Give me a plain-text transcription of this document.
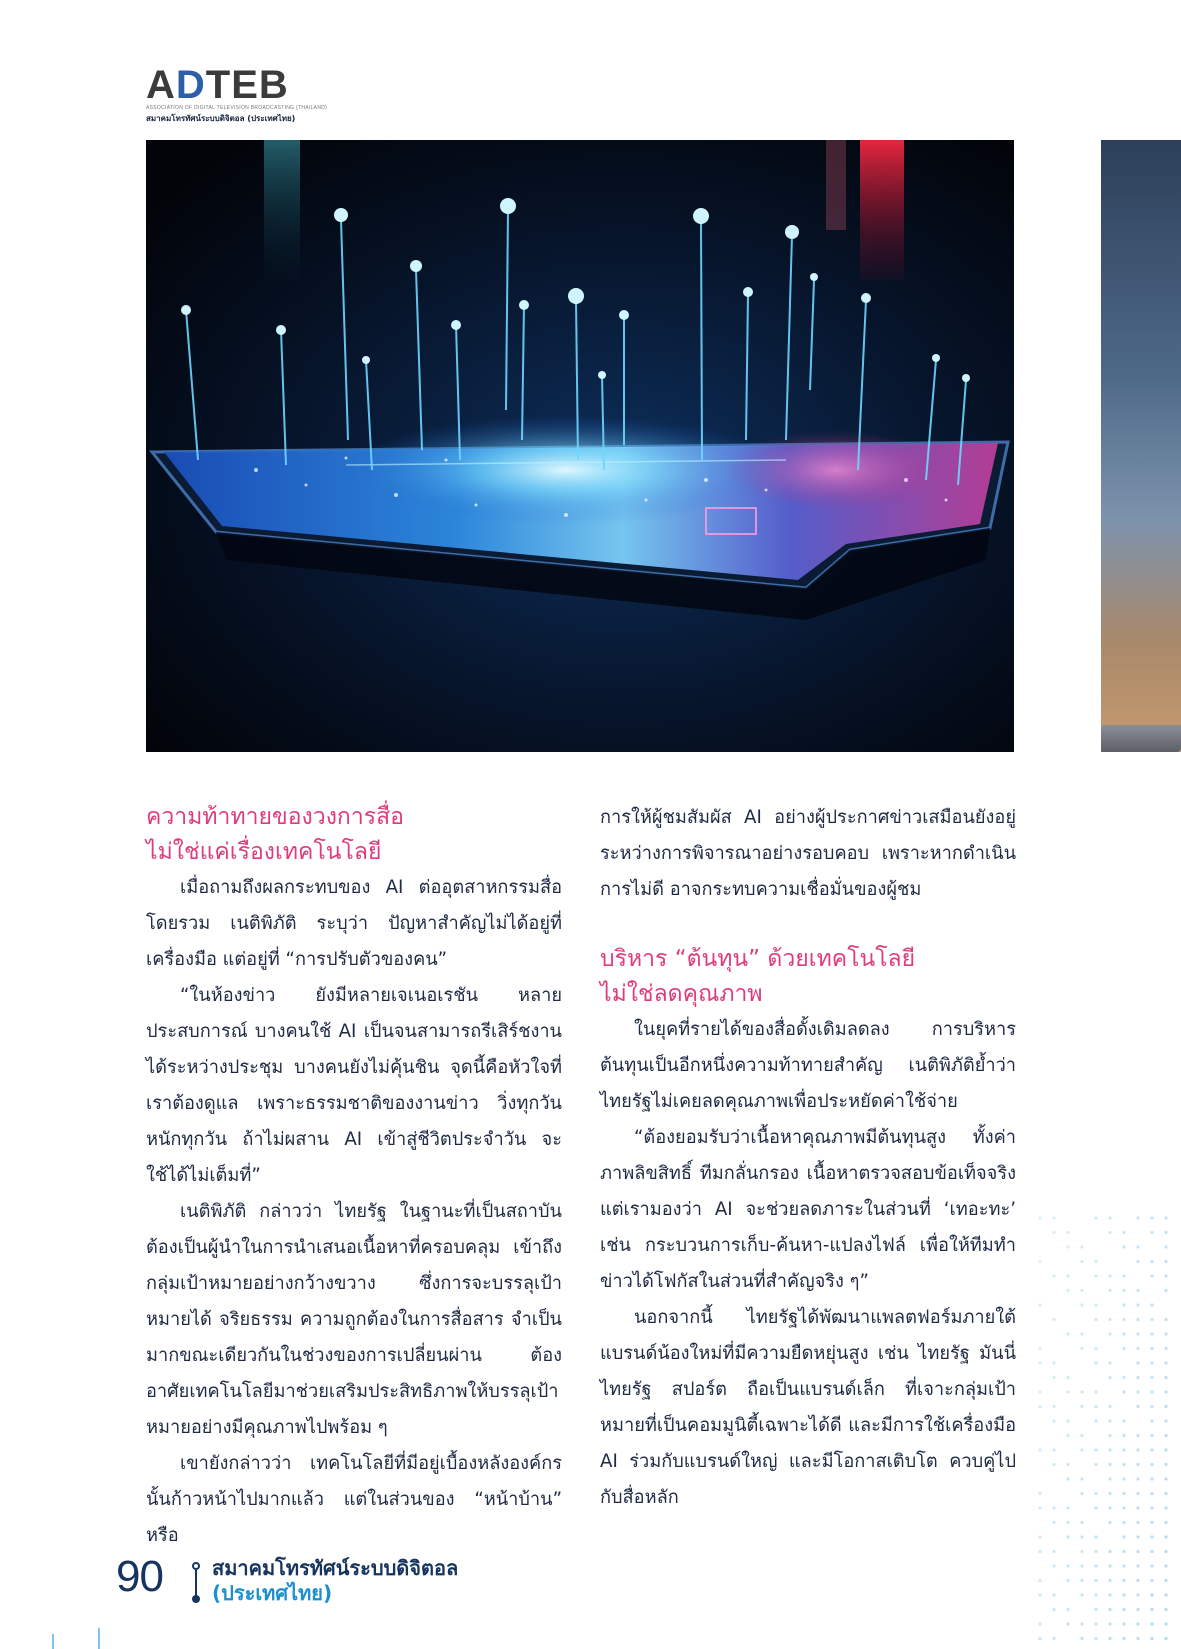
A D T E B
ASSOCIATION OF DIGITAL TELEVISION BROADCASTING (THAILAND)
สมาคมโทรทัศน์ระบบดิจิตอล (ประเทศไทย)
ความท้าทายของวงการสื่อ
ไม่ใช่แค่เรื่องเทคโนโลยี

เมื่อถามถึงผลกระทบของ AI ต่ออุตสาหกรรมสื่อโดยรวม เนติพิภัติ ระบุว่า ปัญหาสำคัญไม่ได้อยู่ที่เครื่องมือ แต่อยู่ที่ “การปรับตัวของคน”

“ในห้องข่าว ยังมีหลายเจเนอเรชัน หลายประสบการณ์ บางคนใช้ AI เป็นจนสามารถรีเสิร์ชงานได้ระหว่างประชุม บางคนยังไม่คุ้นชิน จุดนี้คือหัวใจที่เราต้องดูแล เพราะธรรมชาติของงานข่าว วิ่งทุกวัน หนักทุกวัน ถ้าไม่ผสาน AI เข้าสู่ชีวิตประจำวัน จะใช้ได้ไม่เต็มที่”

เนติพิภัติ กล่าวว่า ไทยรัฐ ในฐานะที่เป็นสถาบันต้องเป็นผู้นำในการนำเสนอเนื้อหาที่ครอบคลุม เข้าถึงกลุ่มเป้าหมายอย่างกว้างขวาง ซึ่งการจะบรรลุเป้าหมายได้ จริยธรรม ความถูกต้องในการสื่อสาร จำเป็นมากขณะเดียวกันในช่วงของการเปลี่ยนผ่าน ต้องอาศัยเทคโนโลยีมาช่วยเสริมประสิทธิภาพให้บรรลุเป้าหมายอย่างมีคุณภาพไปพร้อม ๆ

เขายังกล่าวว่า เทคโนโลยีที่มีอยู่เบื้องหลังองค์กรนั้นก้าวหน้าไปมากแล้ว แต่ในส่วนของ “หน้าบ้าน” หรือ

การให้ผู้ชมสัมผัส AI อย่างผู้ประกาศข่าวเสมือนยังอยู่ระหว่างการพิจารณาอย่างรอบคอบ เพราะหากดำเนินการไม่ดี อาจกระทบความเชื่อมั่นของผู้ชม

บริหาร “ต้นทุน” ด้วยเทคโนโลยี
ไม่ใช่ลดคุณภาพ

ในยุคที่รายได้ของสื่อดั้งเดิมลดลง การบริหารต้นทุนเป็นอีกหนึ่งความท้าทายสำคัญ เนติพิภัติย้ำว่า ไทยรัฐไม่เคยลดคุณภาพเพื่อประหยัดค่าใช้จ่าย

“ต้องยอมรับว่าเนื้อหาคุณภาพมีต้นทุนสูง ทั้งค่าภาพลิขสิทธิ์ ทีมกลั่นกรอง เนื้อหาตรวจสอบข้อเท็จจริง แต่เรามองว่า AI จะช่วยลดภาระในส่วนที่ ‘เทอะทะ’ เช่น กระบวนการเก็บ-ค้นหา-แปลงไฟล์ เพื่อให้ทีมทำข่าวได้โฟกัสในส่วนที่สำคัญจริง ๆ”

นอกจากนี้ ไทยรัฐได้พัฒนาแพลตฟอร์มภายใต้แบรนด์น้องใหม่ที่มีความยืดหยุ่นสูง เช่น ไทยรัฐ มันนี่ ไทยรัฐ สปอร์ต ถือเป็นแบรนด์เล็ก ที่เจาะกลุ่มเป้าหมายที่เป็นคอมมูนิตี้เฉพาะได้ดี และมีการใช้เครื่องมือ AI ร่วมกับแบรนด์ใหญ่ และมีโอกาสเติบโต ควบคู่ไปกับสื่อหลัก

90 สมาคมโทรทัศน์ระบบดิจิตอล
(ประเทศไทย)
